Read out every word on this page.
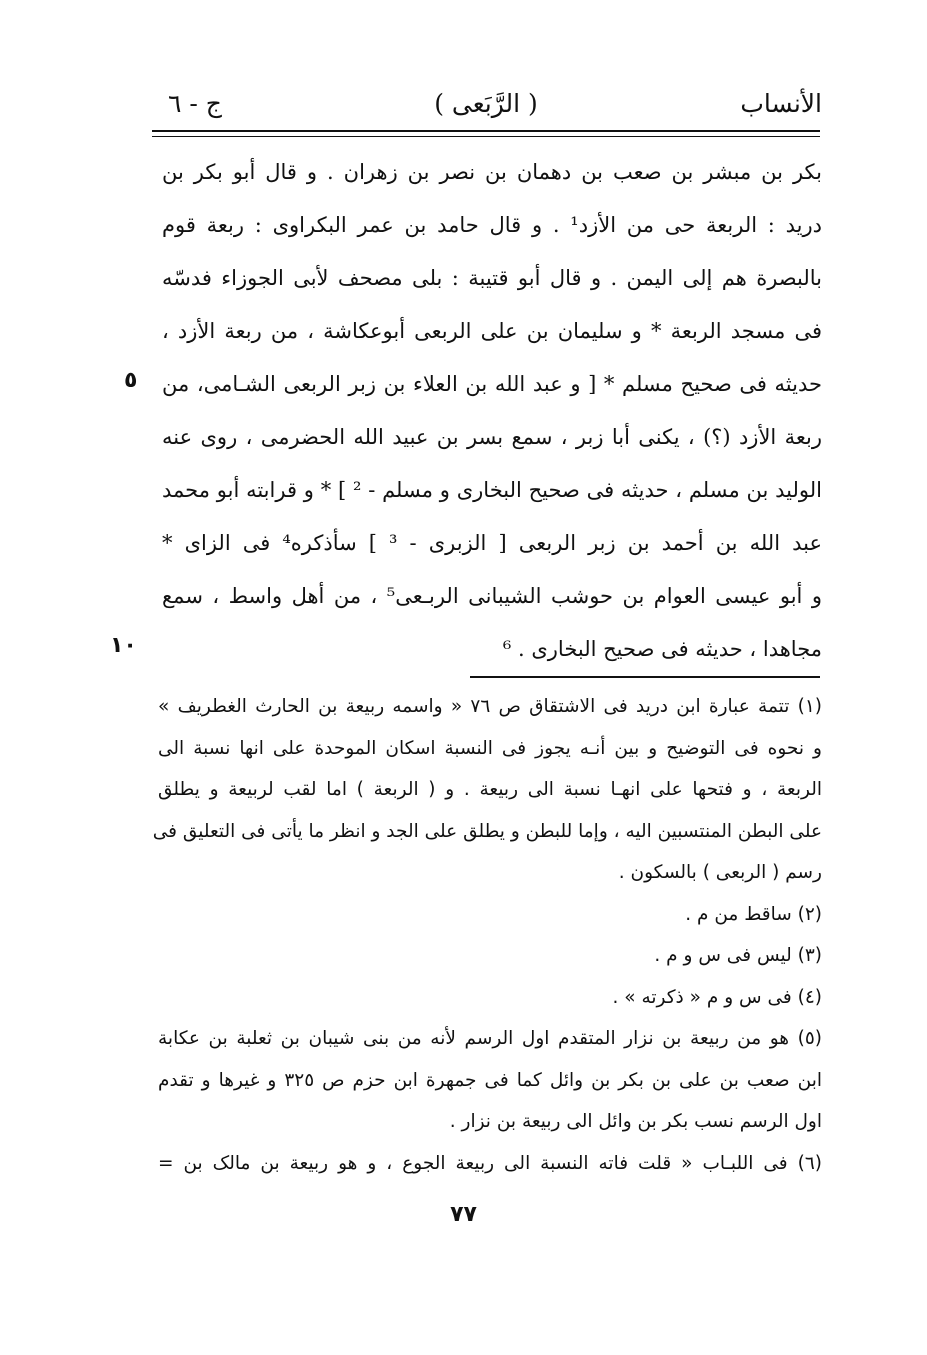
الأنساب
( الرَّبَعی )
ج - ٦
بکر بن مبشر بن صعب بن دهمان بن نصر بن زهران . و قال أبو بکر بن
درید : الربعة حی من الأزد¹ . و قال حامد بن عمر البکراوی : ربعة قوم
بالبصرة هم إلى الیمن . و قال أبو قتیبة : بلى مصحف لأبی الجوزاء فدسّه
فی مسجد الربعة * و سلیمان بن علی الربعی أبوعکاشة ، من ربعة الأزد ،
حدیثه فی صحیح مسلم * [ و عبد الله بن العلاء بن زبر الربعی الشـامی، من
ربعة الأزد (؟) ، یکنى أبا زبر ، سمع بسر بن عبید الله الحضرمی ، روى عنه
الولید بن مسلم ، حدیثه فی صحیح البخاری و مسلم - ² ] * و قرابته أبو محمد
عبد الله بن أحمد بن زبر الربعی [ الزبری - ³ ] سأذکره⁴ فی الزای *
و أبو عیسى العوام بن حوشب الشیبانی الربـعی⁵ ، من أهل واسط ، سمع
مجاهدا ، حدیثه فی صحیح البخاری . ⁶
٥
١٠
(١) تتمة عبارة ابن درید فی الاشتقاق ص ٧٦ « واسمه ربیعة بن الحارث الغطریف »
و نحوه فی التوضیح و بین أنـه یجوز فی النسبة اسکان الموحدة على انها نسبة الى
الربعة ، و فتحها على انهـا نسبة الى ربیعة . و ( الربعة ) اما لقب لربیعة و یطلق
على البطن المنتسبین الیه ، وإما للبطن و یطلق على الجد و انظر ما یأتی فی التعلیق فی
رسم ( الربعی ) بالسکون .
(٢) ساقط من م .
(٣) لیس فی س و م .
(٤) فی س و م « ذکرته » .
(٥) هو من ربیعة بن نزار المتقدم اول الرسم لأنه من بنی شیبان بن ثعلبة بن عکابة
ابن صعب بن علی بن بکر بن وائل کما فی جمهرة ابن حزم ص ٣٢٥ و غیرها و تقدم
اول الرسم نسب بکر بن وائل الى ربیعة بن نزار .
(٦) فی اللبـاب « قلت فاته النسبة الى ربیعة الجوع ، و هو ربیعة بن مالک بن =
٧٧
